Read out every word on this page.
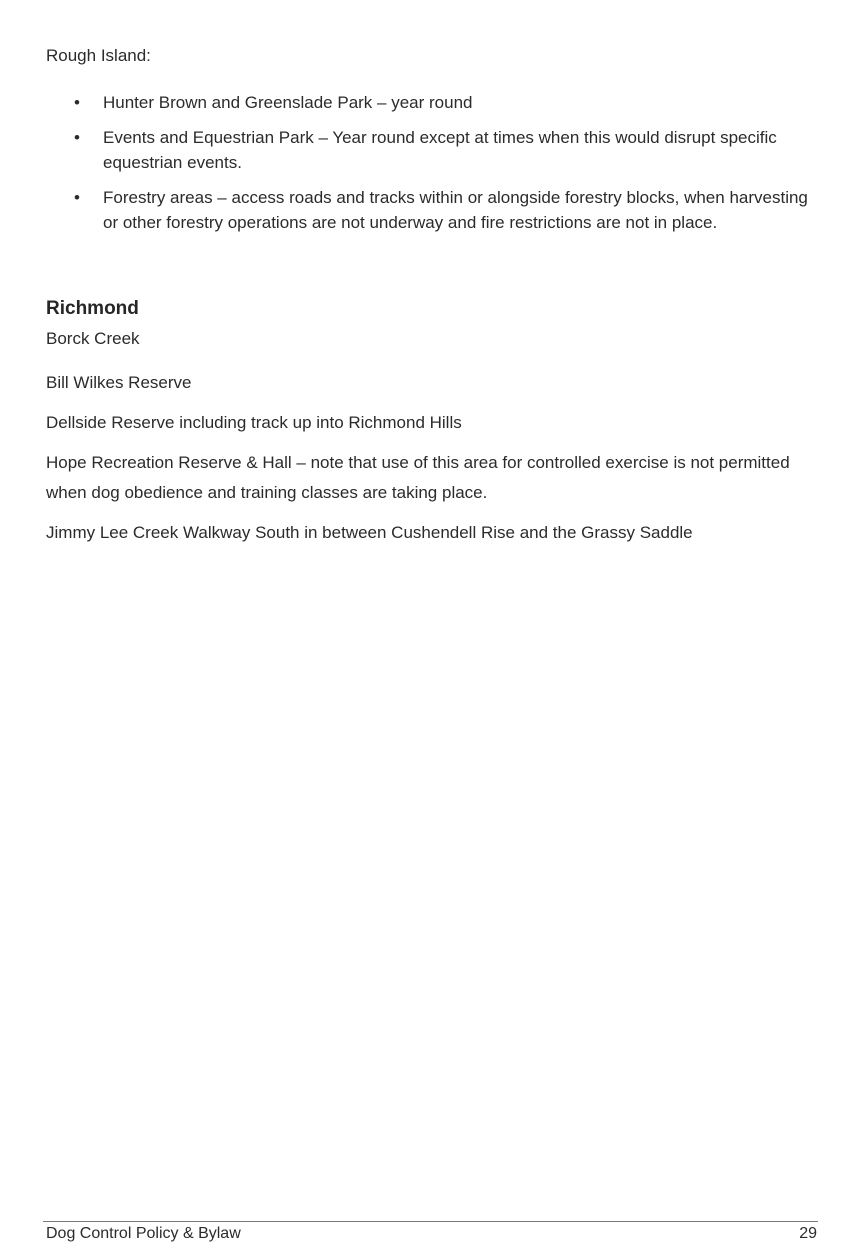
Rough Island:

• Hunter Brown and Greenslade Park – year round
• Events and Equestrian Park – Year round except at times when this would disrupt specific equestrian events.
• Forestry areas – access roads and tracks within or alongside forestry blocks, when harvesting or other forestry operations are not underway and fire restrictions are not in place.
Richmond
Borck Creek
Bill Wilkes Reserve
Dellside Reserve including track up into Richmond Hills
Hope Recreation Reserve & Hall – note that use of this area for controlled exercise is not permitted when dog obedience and training classes are taking place.
Jimmy Lee Creek Walkway South in between Cushendell Rise and the Grassy Saddle
Dog Control Policy & Bylaw	29
